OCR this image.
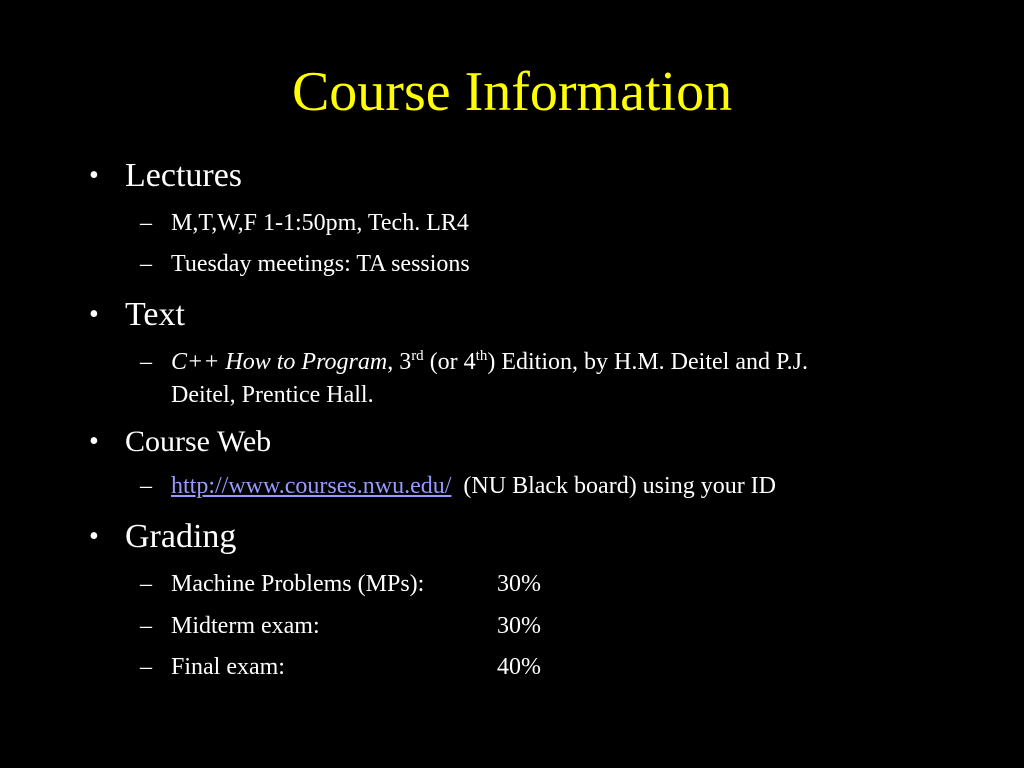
Course Information
• Lectures
– M,T,W,F 1-1:50pm, Tech. LR4
– Tuesday meetings: TA sessions
• Text
– C++ How to Program, 3rd (or 4th) Edition, by H.M. Deitel and P.J.
Deitel, Prentice Hall.
• Course Web
– http://www.courses.nwu.edu/  (NU Black board) using your ID
• Grading
– Machine Problems (MPs):	30%
– Midterm exam:	30%
– Final exam:	40%
